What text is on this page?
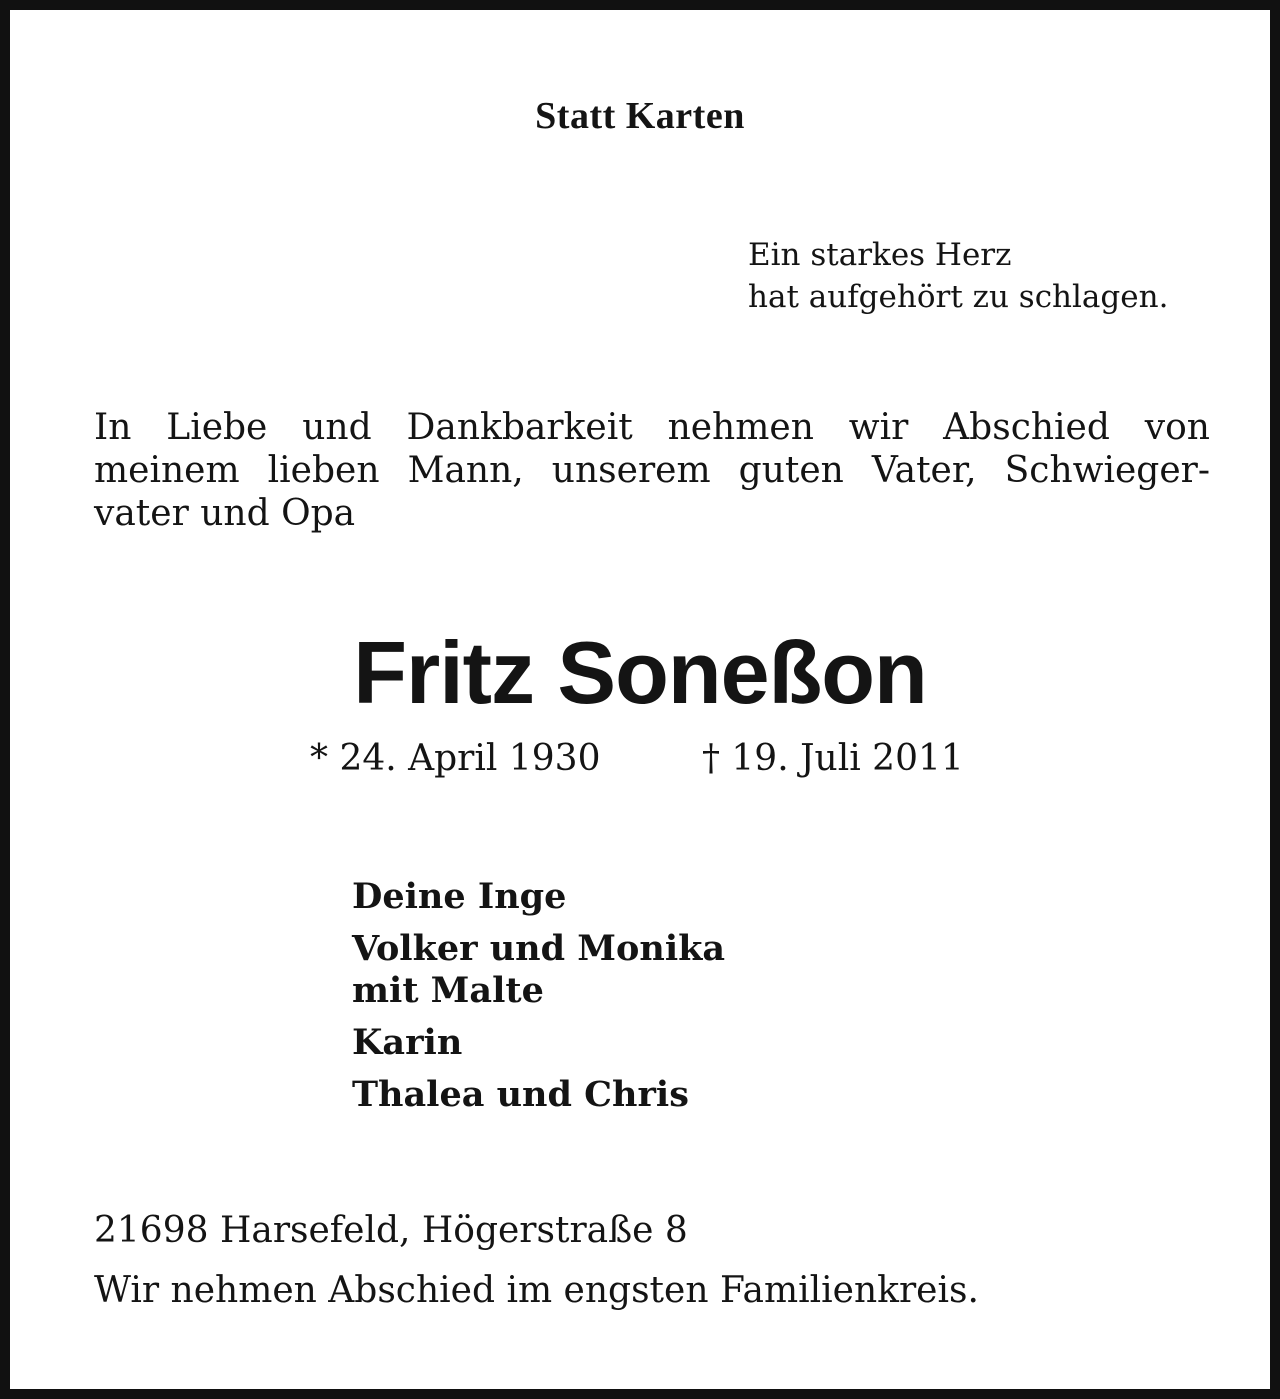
Statt Karten
Ein starkes Herz
hat aufgehört zu schlagen.
In Liebe und Dankbarkeit nehmen wir Abschied von
meinem lieben Mann, unserem guten Vater, Schwieger-
vater und Opa
Fritz Soneßon
* 24. April 1930	† 19. Juli 2011
Deine Inge
Volker und Monika
mit Malte
Karin
Thalea und Chris
21698 Harsefeld, Högerstraße 8
Wir nehmen Abschied im engsten Familienkreis.
